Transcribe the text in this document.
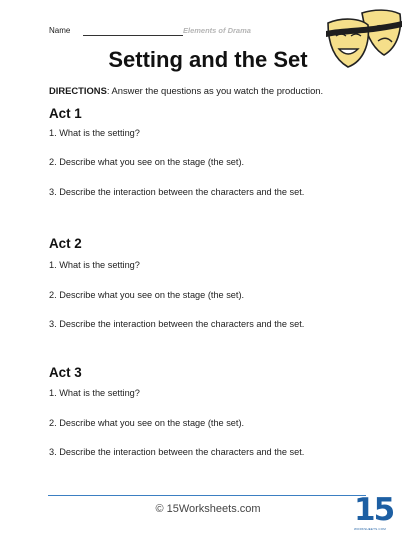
Name	Elements of Drama
Setting and the Set
DIRECTIONS: Answer the questions as you watch the production.
Act 1
1. What is the setting?
2. Describe what you see on the stage (the set).
3. Describe the interaction between the characters and the set.
Act 2
1. What is the setting?
2. Describe what you see on the stage (the set).
3. Describe the interaction between the characters and the set.
Act 3
1. What is the setting?
2. Describe what you see on the stage (the set).
3. Describe the interaction between the characters and the set.
© 15Worksheets.com	15
WORKSHEETS.COM
